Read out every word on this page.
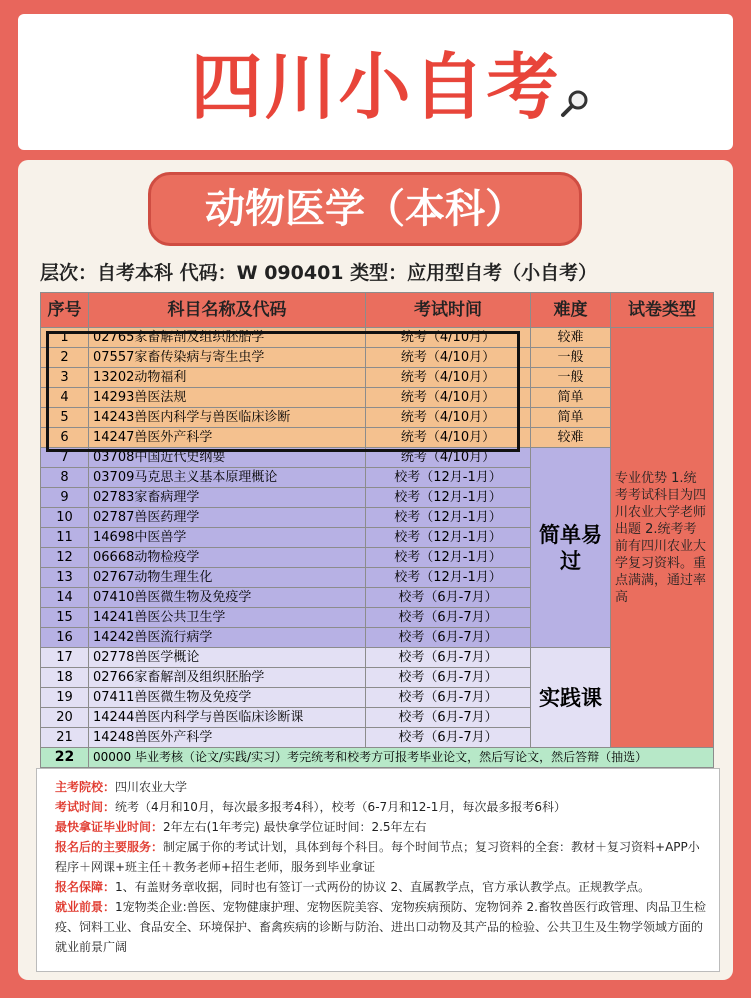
四川小自考
动物医学（本科）
层次：自考本科 代码：W 090401 类型：应用型自考（小自考）
序号	科目名称及代码	考试时间	难度	试卷类型
1	02765家畜解剖及组织胚胎学	统考（4/10月）	较难	专业优势 1.统考考试科目为四川农业大学老师出题 2.统考考前有四川农业大学复习资料。重点满满，通过率高
2	07557家畜传染病与寄生虫学	统考（4/10月）	一般	
3	13202动物福利	统考（4/10月）	一般	
4	14293兽医法规	统考（4/10月）	简单	
5	14243兽医内科学与兽医临床诊断	统考（4/10月）	简单	
6	14247兽医外产科学	统考（4/10月）	较难	
7	03708中国近代史纲要	统考（4/10月）	简单易过	
8	03709马克思主义基本原理概论	校考（12月-1月）		
9	02783家畜病理学	校考（12月-1月）		
10	02787兽医药理学	校考（12月-1月）		
11	14698中医兽学	校考（12月-1月）		
12	06668动物检疫学	校考（12月-1月）		
13	02767动物生理生化	校考（12月-1月）		
14	07410兽医微生物及免疫学	校考（6月-7月）		
15	14241兽医公共卫生学	校考（6月-7月）		
16	14242兽医流行病学	校考（6月-7月）		
17	02778兽医学概论	校考（6月-7月）	实践课	
18	02766家畜解剖及组织胚胎学	校考（6月-7月）		
19	07411兽医微生物及免疫学	校考（6月-7月）		
20	14244兽医内科学与兽医临床诊断课	校考（6月-7月）		
21	14248兽医外产科学	校考（6月-7月）		
22	00000 毕业考核（论文/实践/实习）考完统考和校考方可报考毕业论文，然后写论文，然后答辩（抽选）			
主考院校：四川农业大学
考试时间：统考（4月和10月，每次最多报考4科），校考（6-7月和12-1月，每次最多报考6科）
最快拿证毕业时间：2年左右(1年考完) 最快拿学位证时间：2.5年左右
报名后的主要服务：制定属于你的考试计划，具体到每个科目。每个时间节点；复习资料的全套：教材＋复习资料+APP小程序＋网课+班主任＋教务老师+招生老师，服务到毕业拿证
报名保障：1、有盖财务章收据，同时也有签订一式两份的协议 2、直属教学点，官方承认教学点。正规教学点。
就业前景：1宠物类企业:兽医、宠物健康护理、宠物医院美容、宠物疾病预防、宠物饲养 2.畜牧兽医行政管理、肉品卫生检疫、饲料工业、食品安全、环境保护、畜禽疾病的诊断与防治、进出口动物及其产品的检验、公共卫生及生物学领域方面的就业前景广阔
